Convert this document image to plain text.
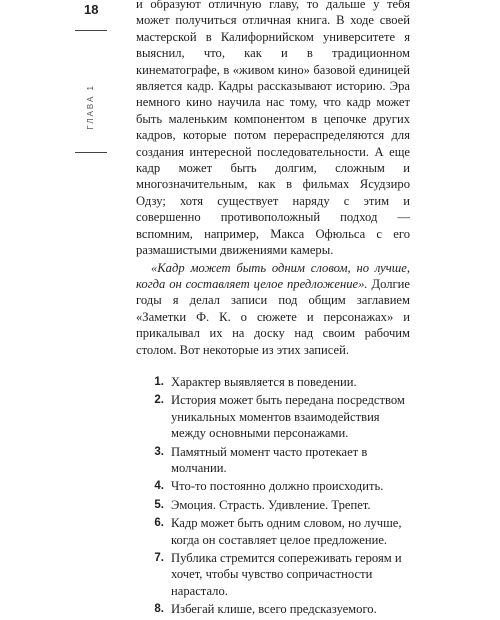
18
ГЛАВА 1

и образуют отличную главу, то дальше у тебя может получиться отличная книга. В ходе своей мастерской в Калифорнийском университете я выяснил, что, как и в традиционном кинематографе, в «живом кино» базовой единицей является кадр. Кадры рассказывают историю. Эра немного кино научила нас тому, что кадр может быть маленьким компонентом в цепочке других кадров, которые потом перераспределяются для создания интересной последовательности. А еще кадр может быть долгим, сложным и многозначительным, как в фильмах Ясудзиро Одзу; хотя существует наряду с этим и совершенно противоположный подход — вспомним, например, Макса Офюльса с его размашистыми движениями камеры.

«Кадр может быть одним словом, но лучше, когда он составляет целое предложение». Долгие годы я делал записи под общим заглавием «Заметки Ф. К. о сюжете и персонажах» и прикалывал их на доску над своим рабочим столом. Вот некоторые из этих записей.

1. Характер выявляется в поведении.
2. История может быть передана посредством уникальных моментов взаимодействия между основными персонажами.
3. Памятный момент часто протекает в молчании.
4. Что-то постоянно должно происходить.
5. Эмоция. Страсть. Удивление. Трепет.
6. Кадр может быть одним словом, но лучше, когда он составляет целое предложение.
7. Публика стремится сопереживать героям и хочет, чтобы чувство сопричастности нарастало.
8. Избегай клише, всего предсказуемого.
